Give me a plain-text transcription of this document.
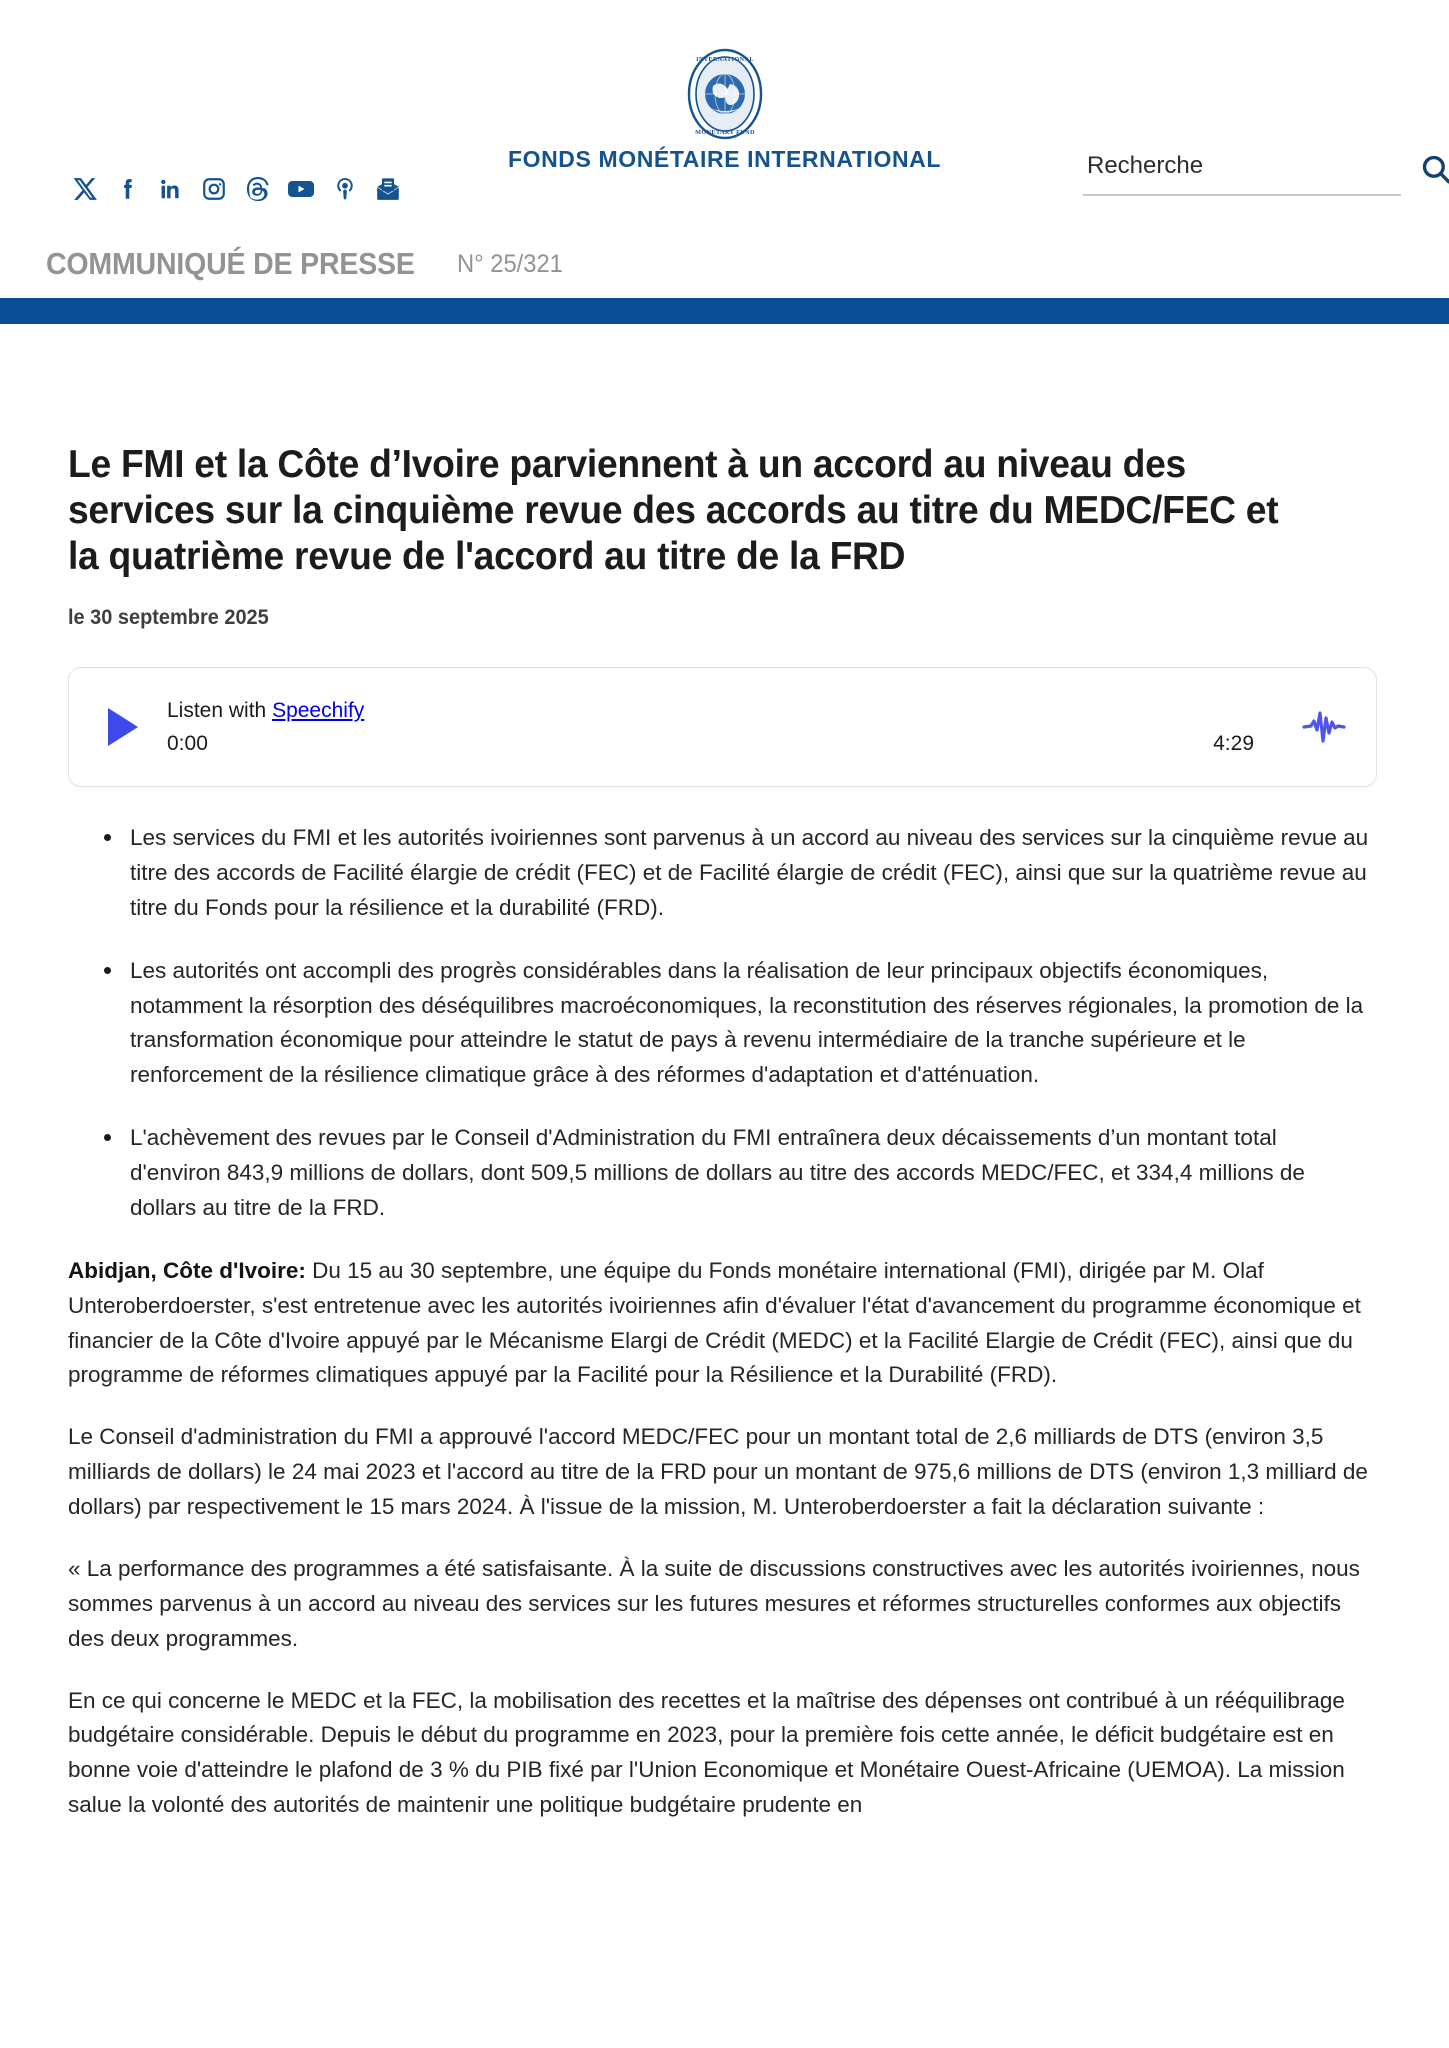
INTERNATIONAL
MONETARY FUND
FONDS MONÉTAIRE INTERNATIONAL
Recherche
COMMUNIQUÉ DE PRESSE N° 25/321
Le FMI et la Côte d’Ivoire parviennent à un accord au niveau des services sur la cinquième revue des accords au titre du MEDC/FEC et la quatrième revue de l'accord au titre de la FRD
le 30 septembre 2025
Listen with Speechify
0:00	4:29
Les services du FMI et les autorités ivoiriennes sont parvenus à un accord au niveau des services sur la cinquième revue au titre des accords de Facilité élargie de crédit (FEC) et de Facilité élargie de crédit (FEC), ainsi que sur la quatrième revue au titre du Fonds pour la résilience et la durabilité (FRD).
Les autorités ont accompli des progrès considérables dans la réalisation de leur principaux objectifs économiques, notamment la résorption des déséquilibres macroéconomiques, la reconstitution des réserves régionales, la promotion de la transformation économique pour atteindre le statut de pays à revenu intermédiaire de la tranche supérieure et le renforcement de la résilience climatique grâce à des réformes d'adaptation et d'atténuation.
L'achèvement des revues par le Conseil d'Administration du FMI entraînera deux décaissements d’un montant total d'environ 843,9 millions de dollars, dont 509,5 millions de dollars au titre des accords MEDC/FEC, et 334,4 millions de dollars au titre de la FRD.

Abidjan, Côte d'Ivoire: Du 15 au 30 septembre, une équipe du Fonds monétaire international (FMI), dirigée par M. Olaf Unteroberdoerster, s'est entretenue avec les autorités ivoiriennes afin d'évaluer l'état d'avancement du programme économique et financier de la Côte d'Ivoire appuyé par le Mécanisme Elargi de Crédit (MEDC) et la Facilité Elargie de Crédit (FEC), ainsi que du programme de réformes climatiques appuyé par la Facilité pour la Résilience et la Durabilité (FRD).

Le Conseil d'administration du FMI a approuvé l'accord MEDC/FEC pour un montant total de 2,6 milliards de DTS (environ 3,5 milliards de dollars) le 24 mai 2023 et l'accord au titre de la FRD pour un montant de 975,6 millions de DTS (environ 1,3 milliard de dollars) par respectivement le 15 mars 2024. À l'issue de la mission, M. Unteroberdoerster a fait la déclaration suivante :

« La performance des programmes a été satisfaisante. À la suite de discussions constructives avec les autorités ivoiriennes, nous sommes parvenus à un accord au niveau des services sur les futures mesures et réformes structurelles conformes aux objectifs des deux programmes.

En ce qui concerne le MEDC et la FEC, la mobilisation des recettes et la maîtrise des dépenses ont contribué à un rééquilibrage budgétaire considérable. Depuis le début du programme en 2023, pour la première fois cette année, le déficit budgétaire est en bonne voie d'atteindre le plafond de 3 % du PIB fixé par l'Union Economique et Monétaire Ouest-Africaine (UEMOA). La mission salue la volonté des autorités de maintenir une politique budgétaire prudente en
